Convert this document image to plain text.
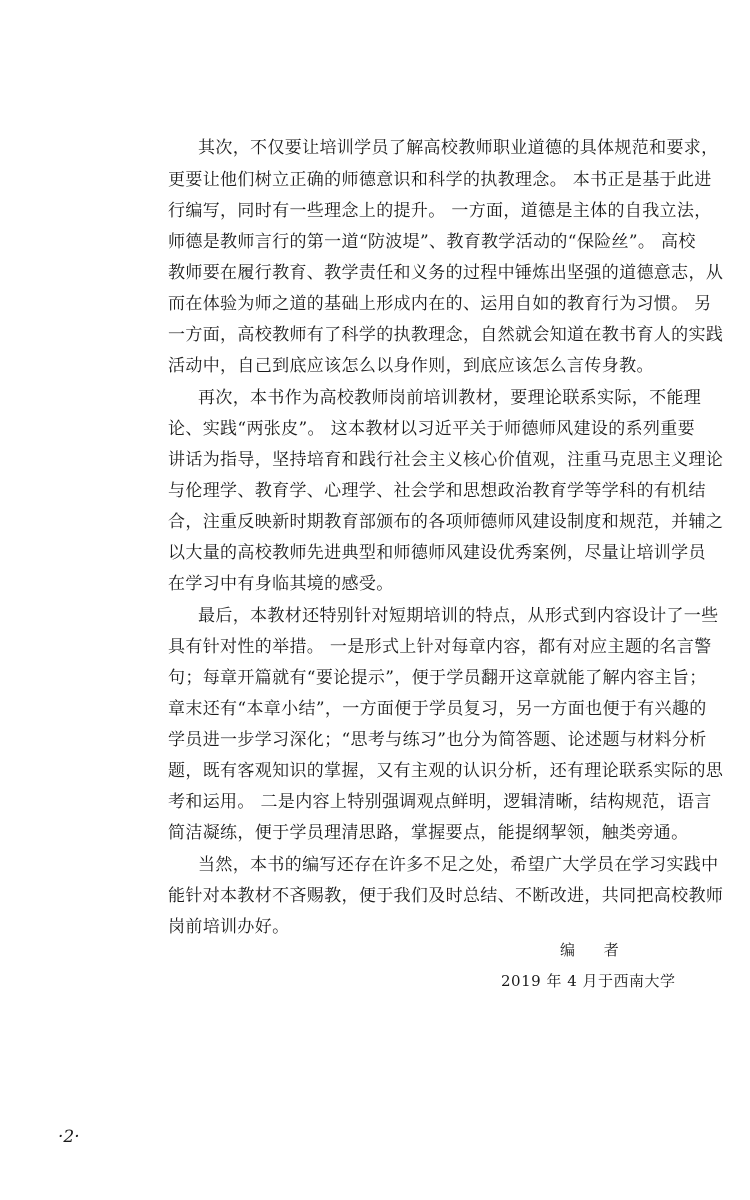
其次，不仅要让培训学员了解高校教师职业道德的具体规范和要求，
更要让他们树立正确的师德意识和科学的执教理念。 本书正是基于此进
行编写，同时有一些理念上的提升。 一方面，道德是主体的自我立法，
师德是教师言行的第一道“防波堤”、教育教学活动的“保险丝”。 高校
教师要在履行教育、教学责任和义务的过程中锤炼出坚强的道德意志，从
而在体验为师之道的基础上形成内在的、运用自如的教育行为习惯。 另
一方面，高校教师有了科学的执教理念，自然就会知道在教书育人的实践
活动中，自己到底应该怎么以身作则，到底应该怎么言传身教。
再次，本书作为高校教师岗前培训教材，要理论联系实际，不能理
论、实践“两张皮”。 这本教材以习近平关于师德师风建设的系列重要
讲话为指导，坚持培育和践行社会主义核心价值观，注重马克思主义理论
与伦理学、教育学、心理学、社会学和思想政治教育学等学科的有机结
合，注重反映新时期教育部颁布的各项师德师风建设制度和规范，并辅之
以大量的高校教师先进典型和师德师风建设优秀案例，尽量让培训学员
在学习中有身临其境的感受。
最后，本教材还特别针对短期培训的特点，从形式到内容设计了一些
具有针对性的举措。 一是形式上针对每章内容，都有对应主题的名言警
句；每章开篇就有“要论提示”，便于学员翻开这章就能了解内容主旨；
章末还有“本章小结”，一方面便于学员复习，另一方面也便于有兴趣的
学员进一步学习深化；“思考与练习”也分为简答题、论述题与材料分析
题，既有客观知识的掌握，又有主观的认识分析，还有理论联系实际的思
考和运用。 二是内容上特别强调观点鲜明，逻辑清晰，结构规范，语言
简洁凝练，便于学员理清思路，掌握要点，能提纲挈领，触类旁通。
当然，本书的编写还存在许多不足之处，希望广大学员在学习实践中
能针对本教材不吝赐教，便于我们及时总结、不断改进，共同把高校教师
岗前培训办好。
编 者
2019 年 4 月于西南大学
·2·
